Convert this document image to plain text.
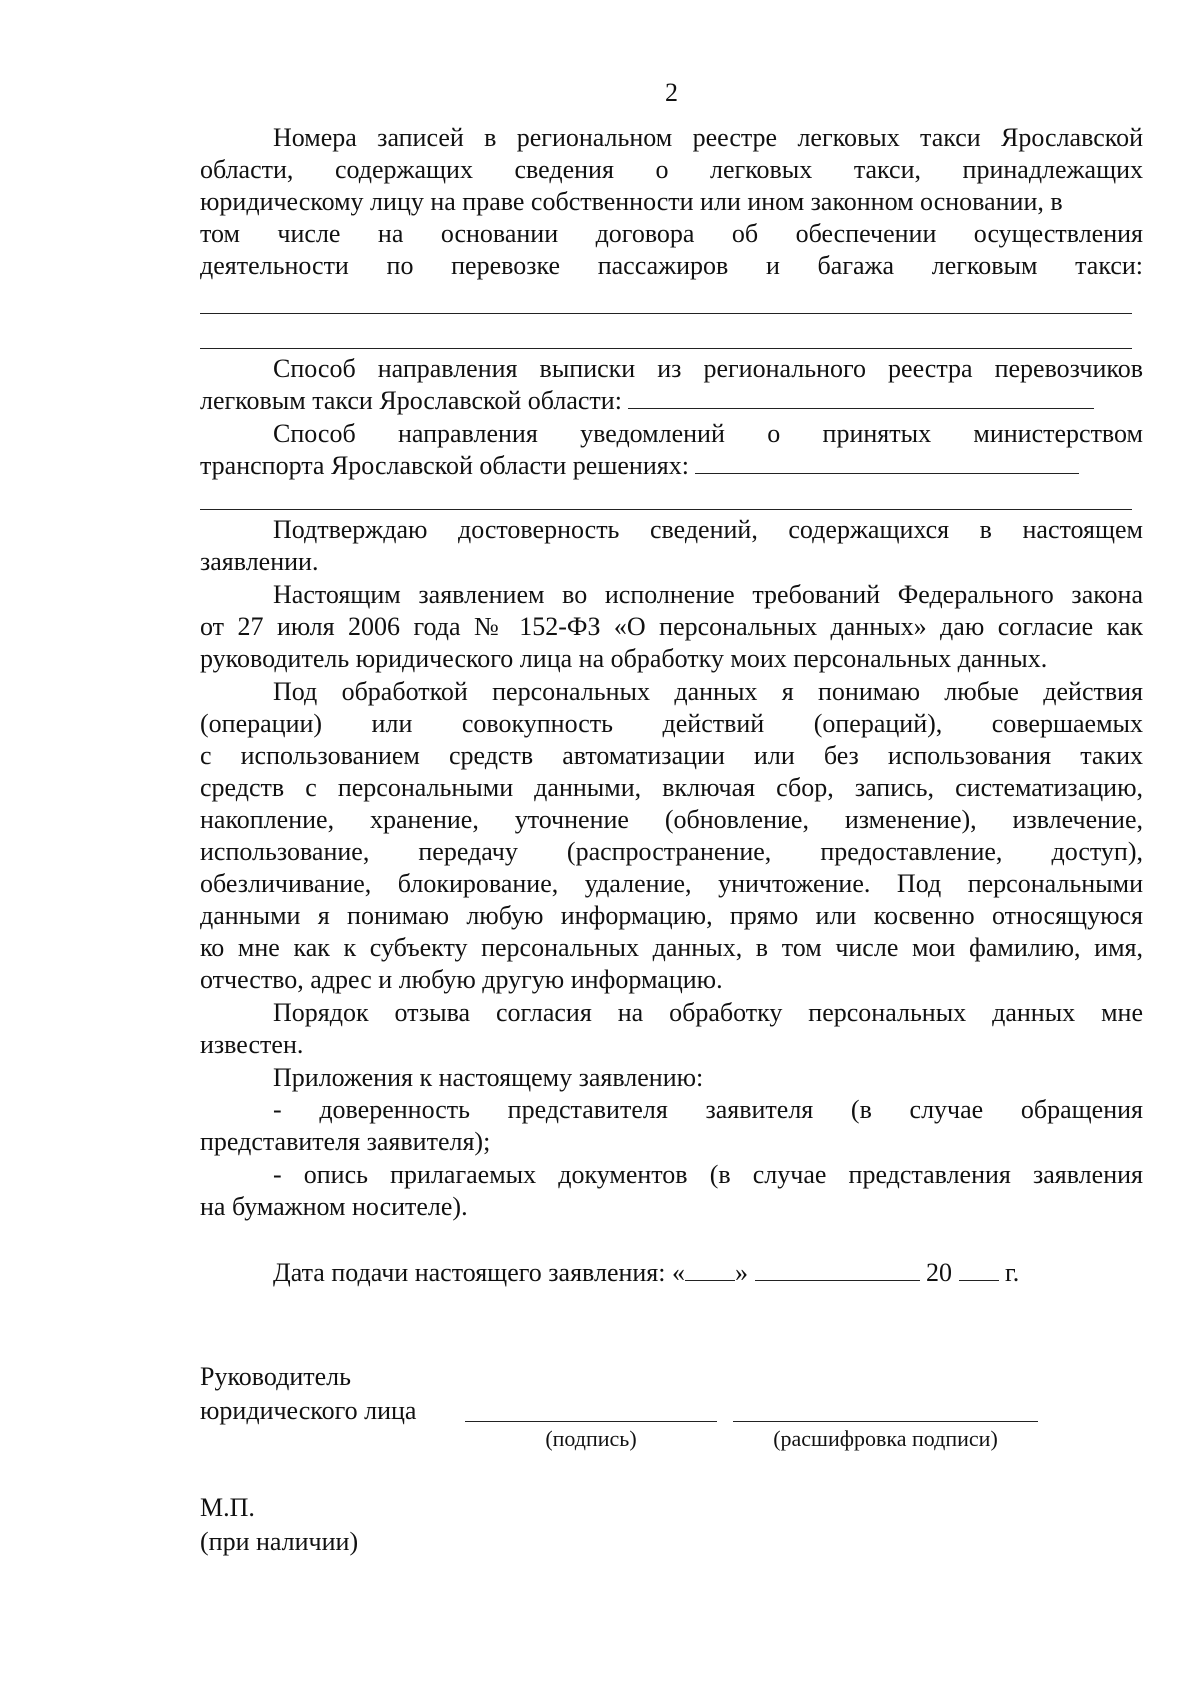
2
Номера записей в региональном реестре легковых такси Ярославской
области, содержащих сведения о легковых такси, принадлежащих
юридическому лицу на праве собственности или ином законном основании, в
том числе на основании договора об обеспечении осуществления
деятельности по перевозке пассажиров и багажа легковым такси:
Способ направления выписки из регионального реестра перевозчиков
легковым такси Ярославской области:
Способ направления уведомлений о принятых министерством
транспорта Ярославской области решениях:
Подтверждаю достоверность сведений, содержащихся в настоящем
заявлении.
Настоящим заявлением во исполнение требований Федерального закона
от 27 июля 2006 года № 152-ФЗ «О персональных данных» даю согласие как
руководитель юридического лица на обработку моих персональных данных.
Под обработкой персональных данных я понимаю любые действия
(операции) или совокупность действий (операций), совершаемых
с использованием средств автоматизации или без использования таких
средств с персональными данными, включая сбор, запись, систематизацию,
накопление, хранение, уточнение (обновление, изменение), извлечение,
использование, передачу (распространение, предоставление, доступ),
обезличивание, блокирование, удаление, уничтожение. Под персональными
данными я понимаю любую информацию, прямо или косвенно относящуюся
ко мне как к субъекту персональных данных, в том числе мои фамилию, имя,
отчество, адрес и любую другую информацию.
Порядок отзыва согласия на обработку персональных данных мне
известен.
Приложения к настоящему заявлению:
- доверенность представителя заявителя (в случае обращения
представителя заявителя);
- опись прилагаемых документов (в случае представления заявления
на бумажном носителе).
Дата подачи настоящего заявления: « »	20 г.
Руководитель
юридического лица
(подпись)	(расшифровка подписи)
М.П.
(при наличии)
